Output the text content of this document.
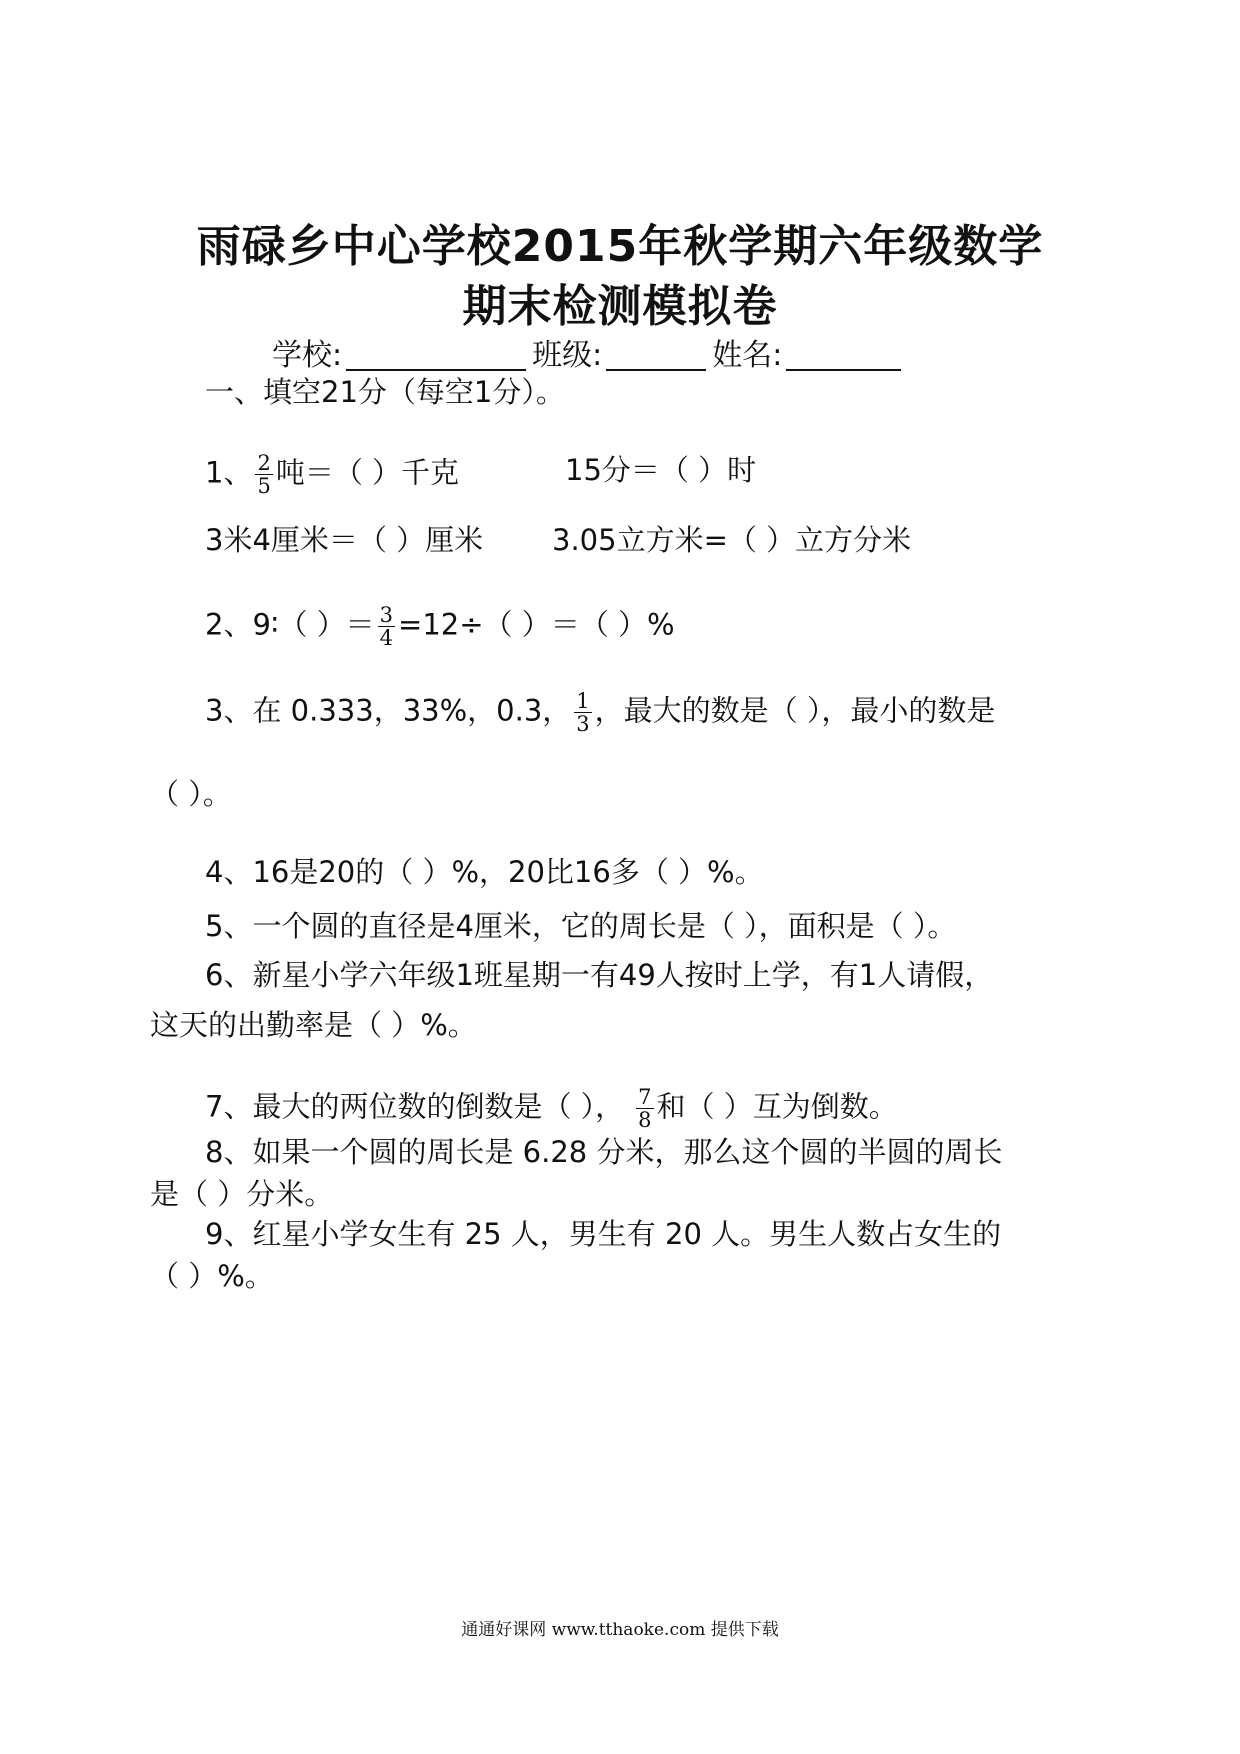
雨碌乡中心学校2015年秋学期六年级数学
期末检测模拟卷
学校:	班级:	姓名:
一、填空21分（每空1分）。
1、 $\frac{2}{5}$ 吨＝（ ）千克	15分＝（ ）时
3米4厘米＝（ ）厘米 3.05立方米=（ ）立方分米
2、9∶（ ）＝ $\frac{3}{4} =12\div$（ ）＝（ ）%
3、在 0.333，33%，0.3， $\frac{1}{3}$ ，最大的数是（ ），最小的数是
（ ）。
4、16是20的（ ）%，20比16多（ ）%。
5、一个圆的直径是4厘米，它的周长是（ ），面积是（ ）。
6、新星小学六年级1班星期一有49人按时上学，有1人请假，
这天的出勤率是（ ）%。
7、最大的两位数的倒数是（ ）， $\frac{7}{8}$ 和（ ）互为倒数。
8、如果一个圆的周长是 6.28 分米，那么这个圆的半圆的周长
是（ ）分米。
9、红星小学女生有 25 人，男生有 20 人。男生人数占女生的
（ ）%。
通通好课网 www.tthaoke.com 提供下载
